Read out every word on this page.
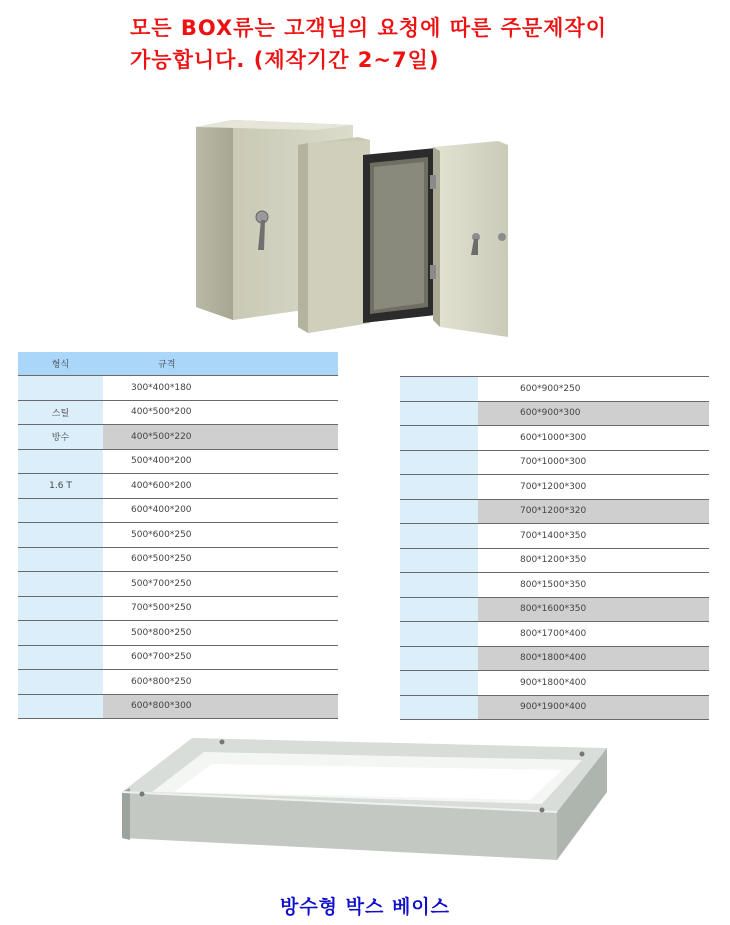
모든 BOX류는 고객님의 요청에 따른 주문제작이
가능합니다. (제작기간 2~7일)
형식	규격
	300*400*180
스틸	400*500*200
방수	400*500*220
	500*400*200
1.6 T	400*600*200
	600*400*200
	500*600*250
	600*500*250
	500*700*250
	700*500*250
	500*800*250
	600*700*250
	600*800*250
	600*800*300
	600*900*250
	600*900*300
	600*1000*300
	700*1000*300
	700*1200*300
	700*1200*320
	700*1400*350
	800*1200*350
	800*1500*350
	800*1600*350
	800*1700*400
	800*1800*400
	900*1800*400
	900*1900*400
방수형 박스 베이스
